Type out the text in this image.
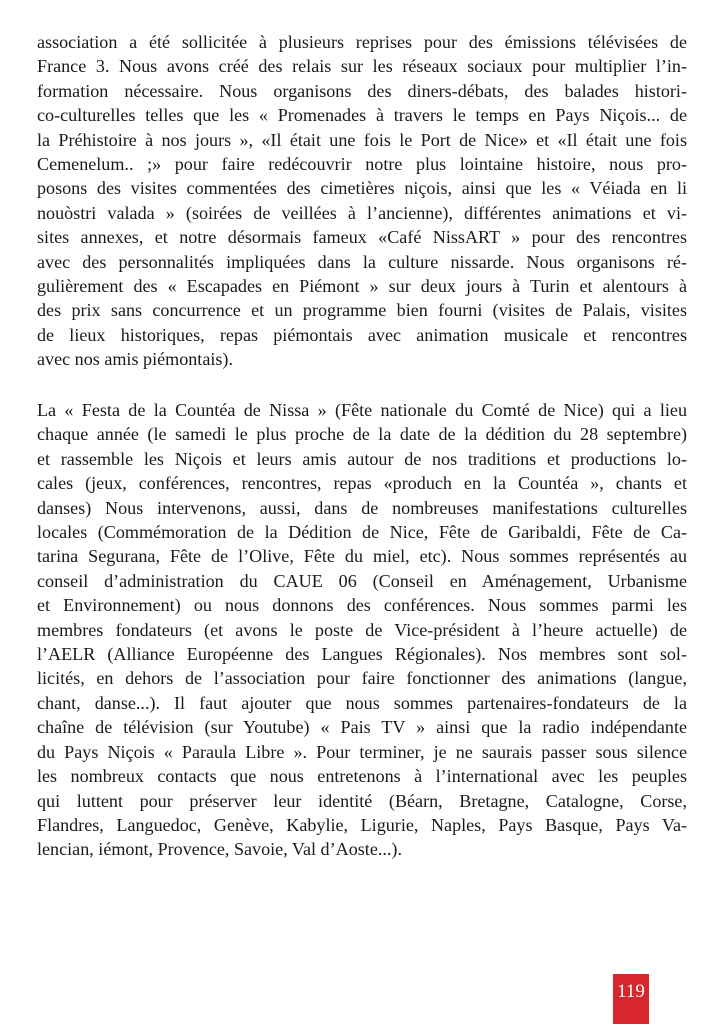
association a été sollicitée à plusieurs reprises pour des émissions télévisées de
France 3. Nous avons créé des relais sur les réseaux sociaux pour multiplier l’in-
formation nécessaire. Nous organisons des diners-débats, des balades histori-
co-culturelles telles que les « Promenades à travers le temps en Pays Niçois... de
la Préhistoire à nos jours », «Il était une fois le Port de Nice» et «Il était une fois
Cemenelum.. ;» pour faire redécouvrir notre plus lointaine histoire, nous pro-
posons des visites commentées des cimetières niçois, ainsi que les « Véiada en li
nouòstri valada » (soirées de veillées à l’ancienne), différentes animations et vi-
sites annexes, et notre désormais fameux «Café NissART » pour des rencontres
avec des personnalités impliquées dans la culture nissarde. Nous organisons ré-
gulièrement des « Escapades en Piémont » sur deux jours à Turin et alentours à
des prix sans concurrence et un programme bien fourni (visites de Palais, visites
de lieux historiques, repas piémontais avec animation musicale et rencontres
avec nos amis piémontais).
La « Festa de la Countéa de Nissa » (Fête nationale du Comté de Nice) qui a lieu
chaque année (le samedi le plus proche de la date de la dédition du 28 septembre)
et rassemble les Niçois et leurs amis autour de nos traditions et productions lo-
cales (jeux, conférences, rencontres, repas «produch en la Countéa », chants et
danses) Nous intervenons, aussi, dans de nombreuses manifestations culturelles
locales (Commémoration de la Dédition de Nice, Fête de Garibaldi, Fête de Ca-
tarina Segurana, Fête de l’Olive, Fête du miel, etc). Nous sommes représentés au
conseil d’administration du CAUE 06 (Conseil en Aménagement, Urbanisme
et Environnement) ou nous donnons des conférences. Nous sommes parmi les
membres fondateurs (et avons le poste de Vice-président à l’heure actuelle) de
l’AELR (Alliance Européenne des Langues Régionales). Nos membres sont sol-
licités, en dehors de l’association pour faire fonctionner des animations (langue,
chant, danse...). Il faut ajouter que nous sommes partenaires-fondateurs de la
chaîne de télévision (sur Youtube) « Pais TV » ainsi que la radio indépendante
du Pays Niçois « Paraula Libre ». Pour terminer, je ne saurais passer sous silence
les nombreux contacts que nous entretenons à l’international avec les peuples
qui luttent pour préserver leur identité (Béarn, Bretagne, Catalogne, Corse,
Flandres, Languedoc, Genève, Kabylie, Ligurie, Naples, Pays Basque, Pays Va-
lencian, iémont, Provence, Savoie, Val d’Aoste...).
119
